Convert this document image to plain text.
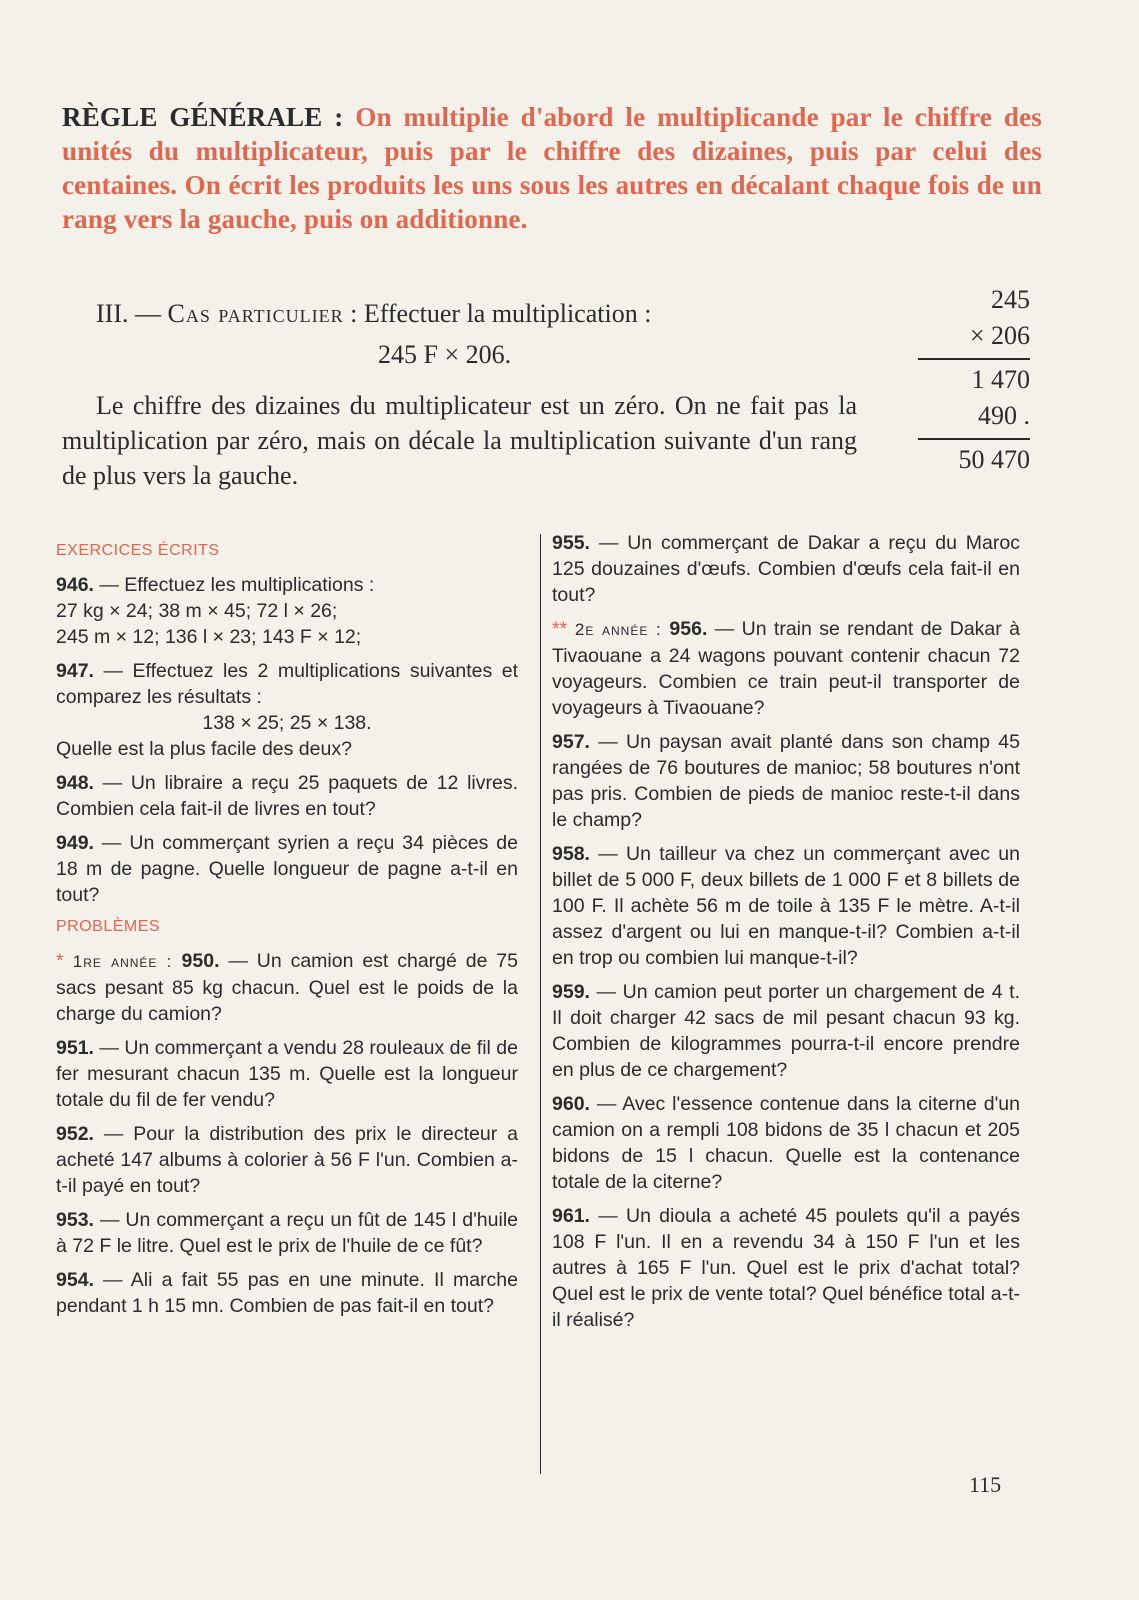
RÈGLE GÉNÉRALE : On multiplie d'abord le multiplicande par le chiffre des unités du multiplicateur, puis par le chiffre des dizaines, puis par celui des centaines. On écrit les produits les uns sous les autres en décalant chaque fois de un rang vers la gauche, puis on additionne.
III. — Cas particulier : Effectuer la multiplication :
245 F × 206.
Le chiffre des dizaines du multiplicateur est un zéro. On ne fait pas la multiplication par zéro, mais on décale la multiplication suivante d'un rang de plus vers la gauche.
245
× 206
1 470
490 .
50 470
EXERCICES ÉCRITS
946. — Effectuez les multiplications :
27 kg × 24; 38 m × 45; 72 l × 26;
245 m × 12; 136 l × 23; 143 F × 12;
947. — Effectuez les 2 multiplications suivantes et comparez les résultats :
138 × 25; 25 × 138.
Quelle est la plus facile des deux?
948. — Un libraire a reçu 25 paquets de 12 livres. Combien cela fait-il de livres en tout?
949. — Un commerçant syrien a reçu 34 pièces de 18 m de pagne. Quelle longueur de pagne a-t-il en tout?
PROBLÈMES
* 1re année : 950. — Un camion est chargé de 75 sacs pesant 85 kg chacun. Quel est le poids de la charge du camion?
951. — Un commerçant a vendu 28 rouleaux de fil de fer mesurant chacun 135 m. Quelle est la longueur totale du fil de fer vendu?
952. — Pour la distribution des prix le directeur a acheté 147 albums à colorier à 56 F l'un. Combien a-t-il payé en tout?
953. — Un commerçant a reçu un fût de 145 l d'huile à 72 F le litre. Quel est le prix de l'huile de ce fût?
954. — Ali a fait 55 pas en une minute. Il marche pendant 1 h 15 mn. Combien de pas fait-il en tout?
955. — Un commerçant de Dakar a reçu du Maroc 125 douzaines d'œufs. Combien d'œufs cela fait-il en tout?
** 2e année : 956. — Un train se rendant de Dakar à Tivaouane a 24 wagons pouvant contenir chacun 72 voyageurs. Combien ce train peut-il transporter de voyageurs à Tivaouane?
957. — Un paysan avait planté dans son champ 45 rangées de 76 boutures de manioc; 58 boutures n'ont pas pris. Combien de pieds de manioc reste-t-il dans le champ?
958. — Un tailleur va chez un commerçant avec un billet de 5 000 F, deux billets de 1 000 F et 8 billets de 100 F. Il achète 56 m de toile à 135 F le mètre. A-t-il assez d'argent ou lui en manque-t-il? Combien a-t-il en trop ou combien lui manque-t-il?
959. — Un camion peut porter un chargement de 4 t. Il doit charger 42 sacs de mil pesant chacun 93 kg. Combien de kilogrammes pourra-t-il encore prendre en plus de ce chargement?
960. — Avec l'essence contenue dans la citerne d'un camion on a rempli 108 bidons de 35 l chacun et 205 bidons de 15 l chacun. Quelle est la contenance totale de la citerne?
961. — Un dioula a acheté 45 poulets qu'il a payés 108 F l'un. Il en a revendu 34 à 150 F l'un et les autres à 165 F l'un. Quel est le prix d'achat total? Quel est le prix de vente total? Quel bénéfice total a-t-il réalisé?
115
